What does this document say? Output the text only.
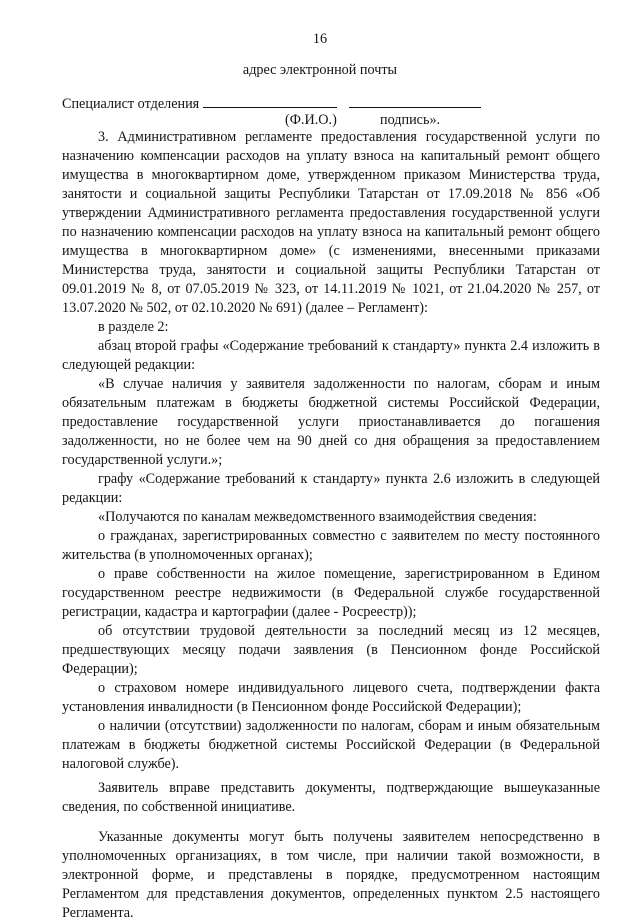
16
адрес электронной почты
Специалист отделения
(Ф.И.О.)	подпись».

3. Административном регламенте предоставления государственной услуги по назначению компенсации расходов на уплату взноса на капитальный ремонт общего имущества в многоквартирном доме, утвержденном приказом Министерства труда, занятости и социальной защиты Республики Татарстан от 17.09.2018 № 856 «Об утверждении Административного регламента предоставления государственной услуги по назначению компенсации расходов на уплату взноса на капитальный ремонт общего имущества в многоквартирном доме» (с изменениями, внесенными приказами Министерства труда, занятости и социальной защиты Республики Татарстан от 09.01.2019 № 8, от 07.05.2019 № 323, от 14.11.2019 № 1021, от 21.04.2020 № 257, от 13.07.2020 № 502, от 02.10.2020 № 691) (далее – Регламент):

в разделе 2:

абзац второй графы «Содержание требований к стандарту» пункта 2.4 изложить в следующей редакции:

«В случае наличия у заявителя задолженности по налогам, сборам и иным обязательным платежам в бюджеты бюджетной системы Российской Федерации, предоставление государственной услуги приостанавливается до погашения задолженности, но не более чем на 90 дней со дня обращения за предоставлением государственной услуги.»;

графу «Содержание требований к стандарту» пункта 2.6 изложить в следующей редакции:

«Получаются по каналам межведомственного взаимодействия сведения:

о гражданах, зарегистрированных совместно с заявителем по месту постоянного жительства (в уполномоченных органах);

о праве собственности на жилое помещение, зарегистрированном в Едином государственном реестре недвижимости (в Федеральной службе государственной регистрации, кадастра и картографии (далее - Росреестр));

об отсутствии трудовой деятельности за последний месяц из 12 месяцев, предшествующих месяцу подачи заявления (в Пенсионном фонде Российской Федерации);

о страховом номере индивидуального лицевого счета, подтверждении факта установления инвалидности (в Пенсионном фонде Российской Федерации);

о наличии (отсутствии) задолженности по налогам, сборам и иным обязательным платежам в бюджеты бюджетной системы Российской Федерации (в Федеральной налоговой службе).

Заявитель вправе представить документы, подтверждающие вышеуказанные сведения, по собственной инициативе.

Указанные документы могут быть получены заявителем непосредственно в уполномоченных организациях, в том числе, при наличии такой возможности, в электронной форме, и представлены в порядке, предусмотренном настоящим Регламентом для представления документов, определенных пунктом 2.5 настоящего Регламента.
